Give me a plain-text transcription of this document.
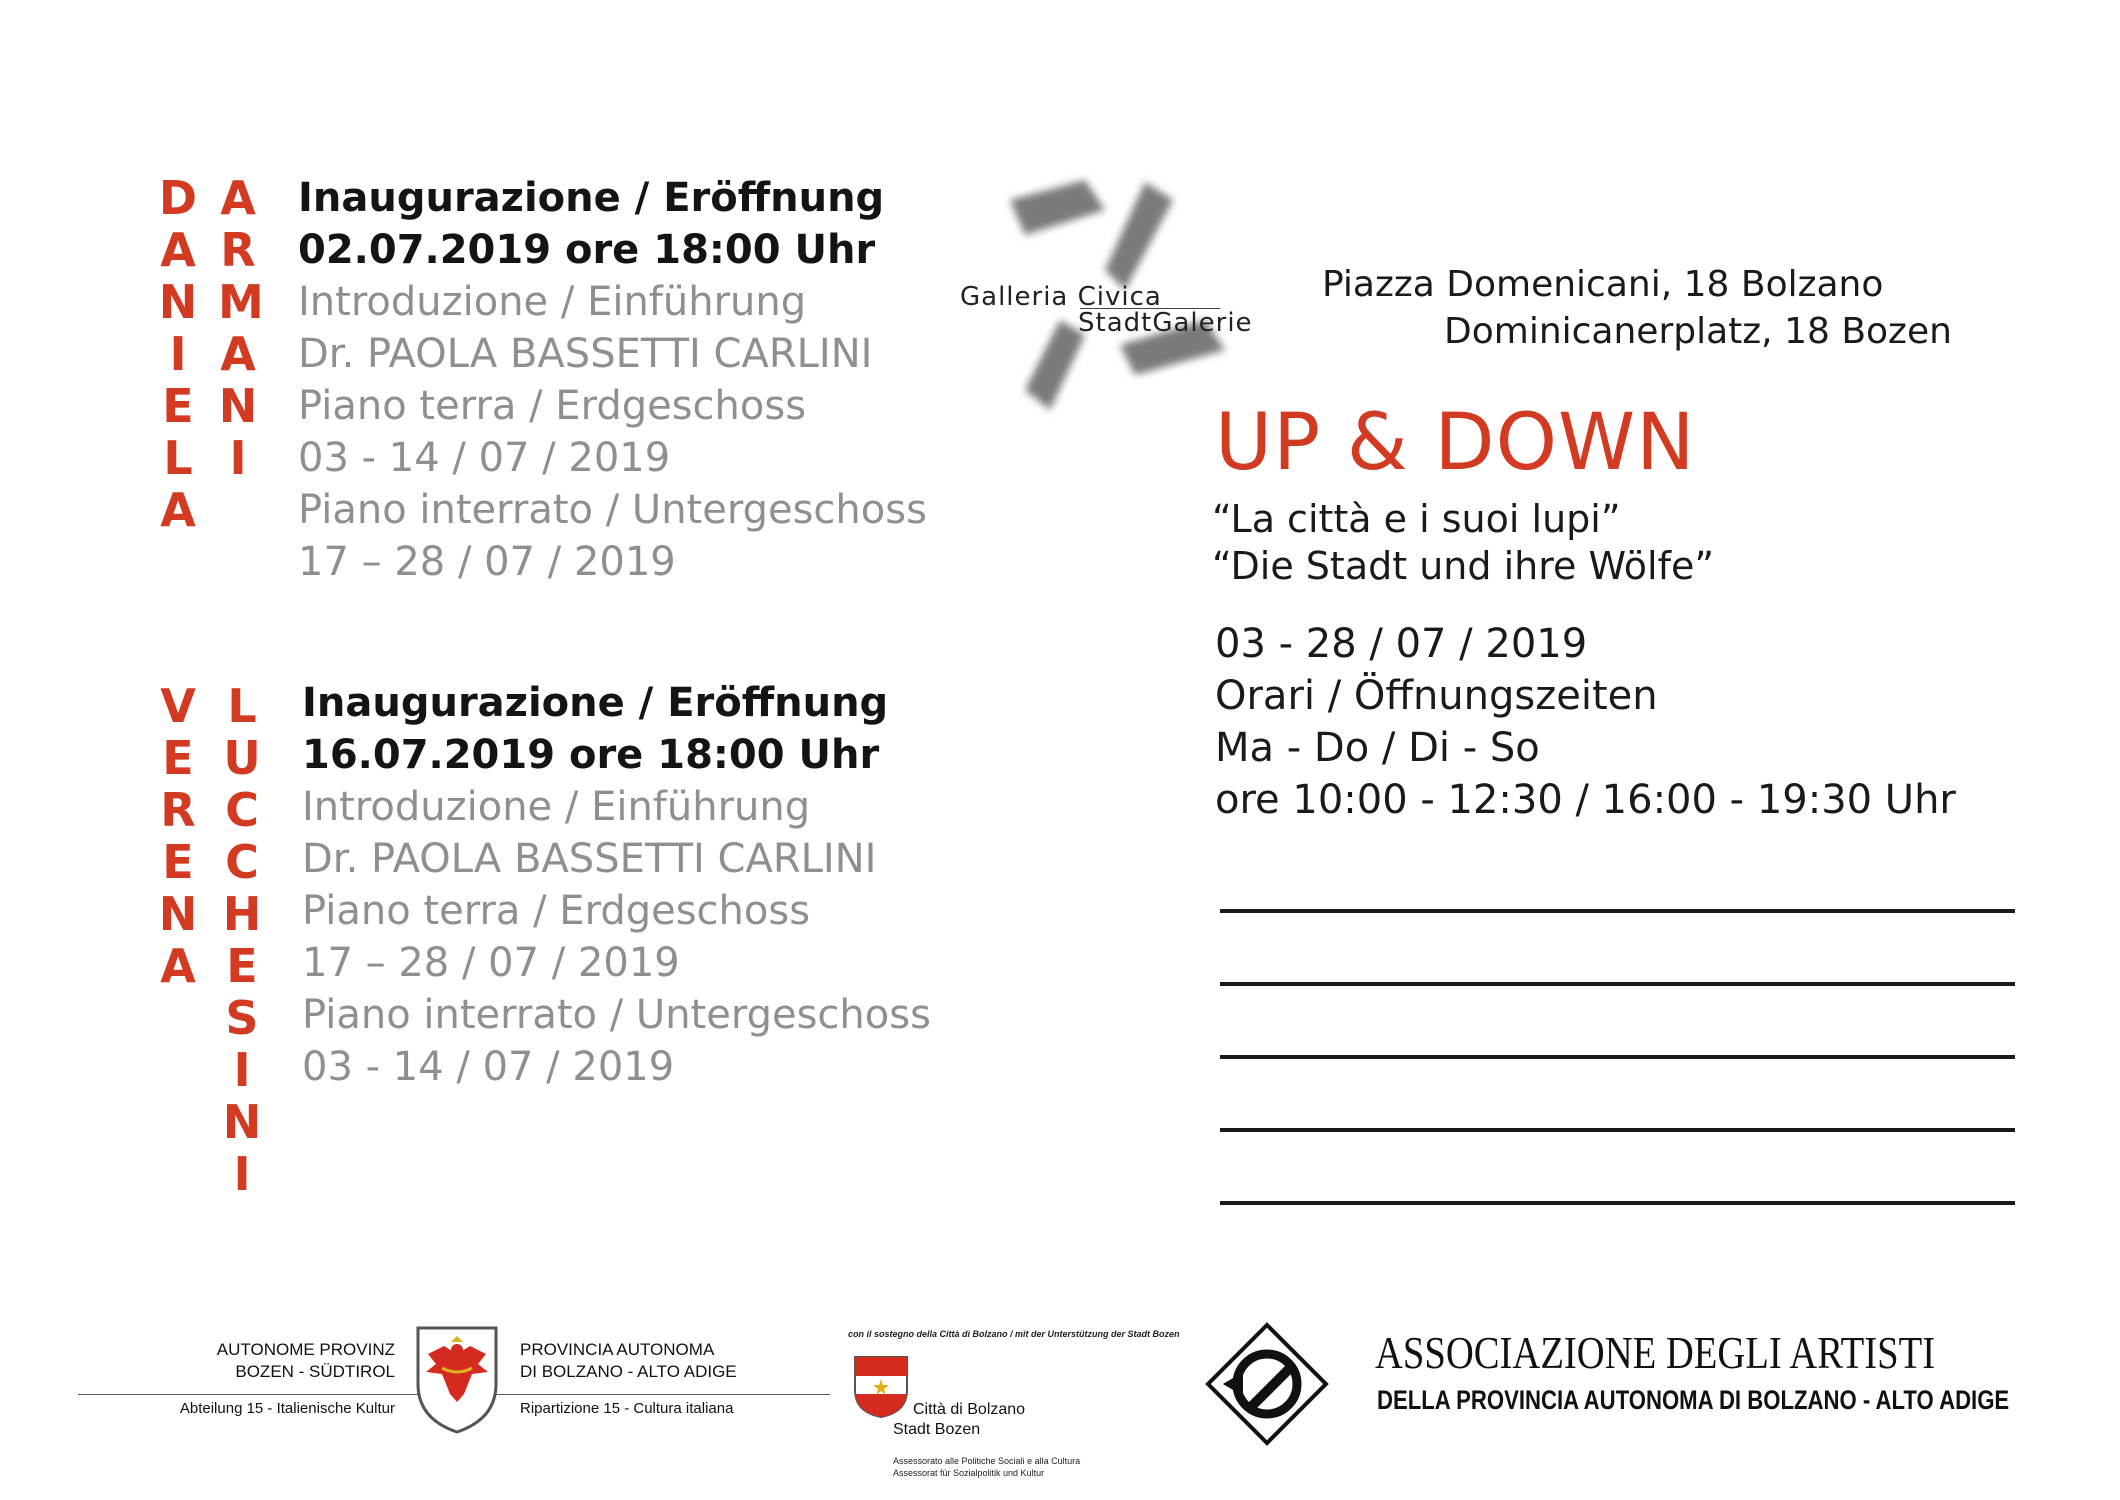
D
A
N
I
E
L
A
A
R
M
A
N
I
Inaugurazione / Eröffnung
02.07.2019 ore 18:00 Uhr
Introduzione / Einführung
Dr. PAOLA BASSETTI CARLINI
Piano terra / Erdgeschoss
03 - 14 / 07 / 2019
Piano interrato / Untergeschoss
17 – 28 / 07 / 2019
V
E
R
E
N
A
L
U
C
C
H
E
S
I
N
I
Inaugurazione / Eröffnung
16.07.2019 ore 18:00 Uhr
Introduzione / Einführung
Dr. PAOLA BASSETTI CARLINI
Piano terra / Erdgeschoss
17 – 28 / 07 / 2019
Piano interrato / Untergeschoss
03 - 14 / 07 / 2019
Galleria Civica
StadtGalerie
Piazza Domenicani, 18 Bolzano
Dominicanerplatz, 18 Bozen
UP & DOWN
“La città e i suoi lupi”
“Die Stadt und ihre Wölfe”
03 - 28 / 07 / 2019
Orari / Öffnungszeiten
Ma - Do / Di - So
ore 10:00 - 12:30 / 16:00 - 19:30 Uhr
AUTONOME PROVINZ
BOZEN - SÜDTIROL
PROVINCIA AUTONOMA
DI BOLZANO - ALTO ADIGE
Abteilung 15 - Italienische Kultur	Ripartizione 15 - Cultura italiana
con il sostegno della Città di Bolzano / mit der Unterstützung der Stadt Bozen
Città di Bolzano
Stadt Bozen
Assessorato alle Politiche Sociali e alla Cultura
Assessorat für Sozialpolitik und Kultur
ASSOCIAZIONE DEGLI ARTISTI
DELLA PROVINCIA AUTONOMA DI BOLZANO - ALTO ADIGE
